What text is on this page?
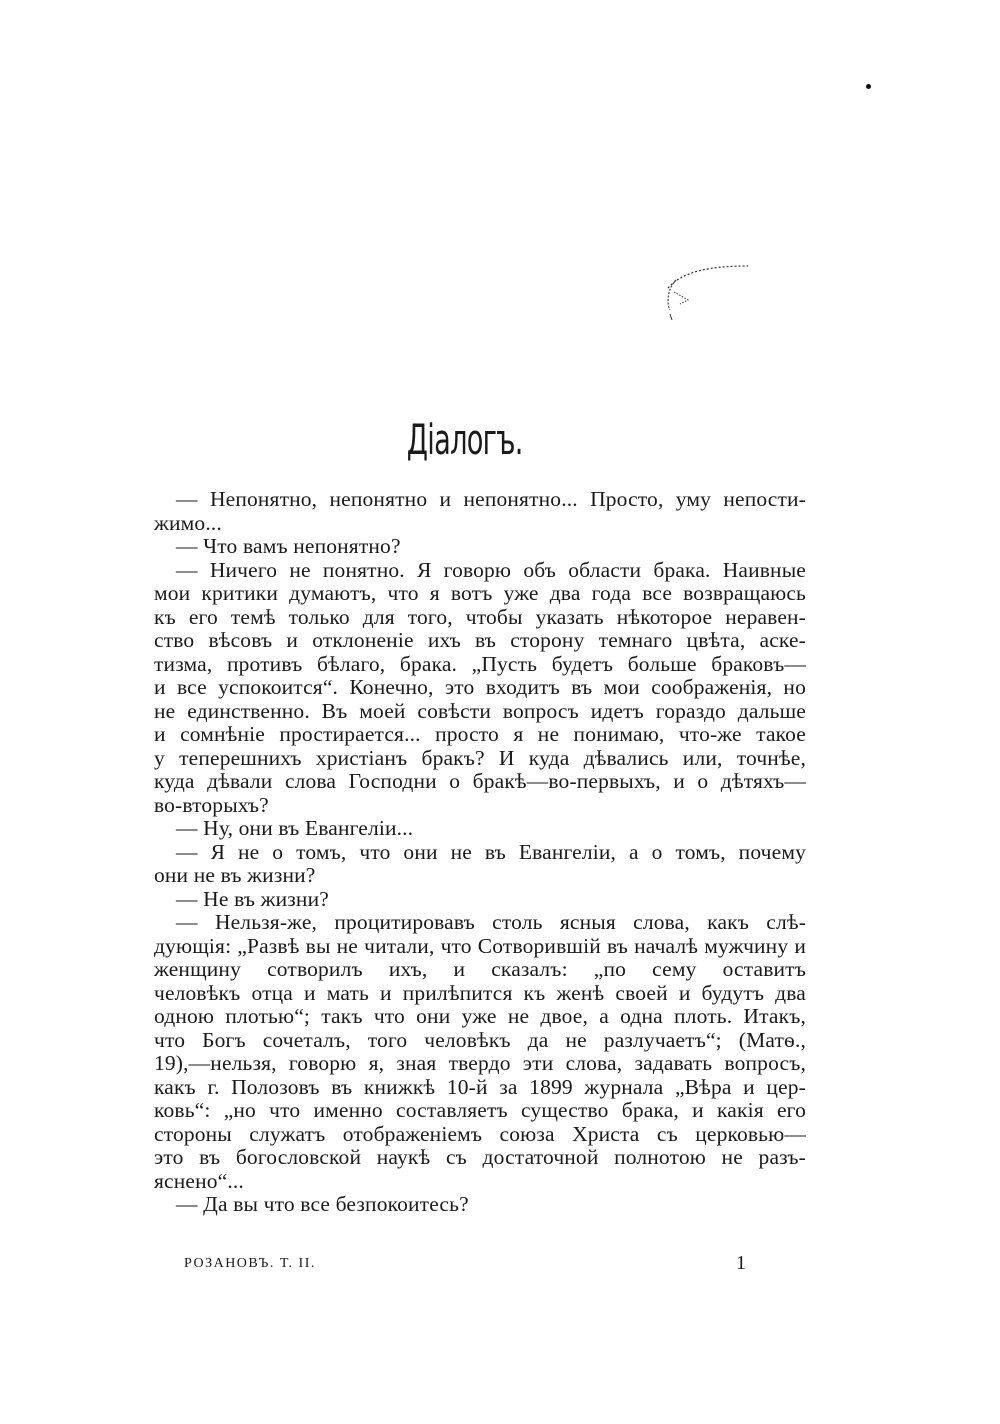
Діалогъ.
— Непонятно, непонятно и непонятно... Просто, уму непости-
жимо...
— Что вамъ непонятно?
— Ничего не понятно. Я говорю объ области брака. Наивные
мои критики думаютъ, что я вотъ уже два года все возвращаюсь
къ его темѣ только для того, чтобы указать нѣкоторое неравен-
ство вѣсовъ и отклоненіе ихъ въ сторону темнаго цвѣта, аске-
тизма, противъ бѣлаго, брака. „Пусть будетъ больше браковъ—
и все успокоится“. Конечно, это входитъ въ мои соображенія, но
не единственно. Въ моей совѣсти вопросъ идетъ гораздо дальше
и сомнѣніе простирается... просто я не понимаю, что-же такое
у теперешнихъ христіанъ бракъ? И куда дѣвались или, точнѣе,
куда дѣвали слова Господни о бракѣ—во-первыхъ, и о дѣтяхъ—
во-вторыхъ?
— Ну, они въ Евангеліи...
— Я не о томъ, что они не въ Евангеліи, а о томъ, почему
они не въ жизни?
— Не въ жизни?
— Нельзя-же, процитировавъ столь ясныя слова, какъ слѣ-
дующія: „Развѣ вы не читали, что Сотворившій въ началѣ мужчину и
женщину сотворилъ ихъ, и сказалъ: „по сему оставитъ
человѣкъ отца и мать и прилѣпится къ женѣ своей и будутъ два
одною плотью“; такъ что они уже не двое, а одна плоть. Итакъ,
что Богъ сочеталъ, того человѣкъ да не разлучаетъ“; (Матѳ.,
19),—нельзя, говорю я, зная твердо эти слова, задавать вопросъ,
какъ г. Полозовъ въ книжкѣ 10-й за 1899 журнала „Вѣра и цер-
ковь“: „но что именно составляетъ существо брака, и какія его
стороны служатъ отображеніемъ союза Христа съ церковью—
это въ богословской наукѣ съ достаточной полнотою не разъ-
яснено“...
— Да вы что все безпокоитесь?
РОЗАНОВЪ. Т. II.	1
